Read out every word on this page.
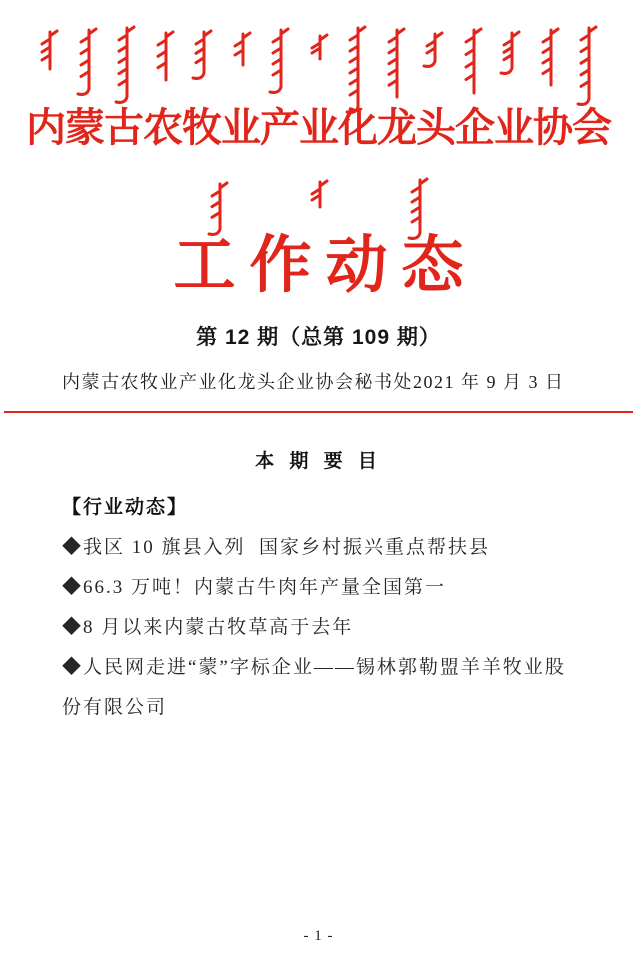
内蒙古农牧业产业化龙头企业协会
工作动态
第 12 期（总第 109 期）
内蒙古农牧业产业化龙头企业协会秘书处 2021 年 9 月 3 日
本 期 要 目
【行业动态】
◆我区 10 旗县入列  国家乡村振兴重点帮扶县
◆66.3 万吨！内蒙古牛肉年产量全国第一
◆8 月以来内蒙古牧草高于去年
◆人民网走进“蒙”字标企业——锡林郭勒盟羊羊牧业股份有限公司
- 1 -
